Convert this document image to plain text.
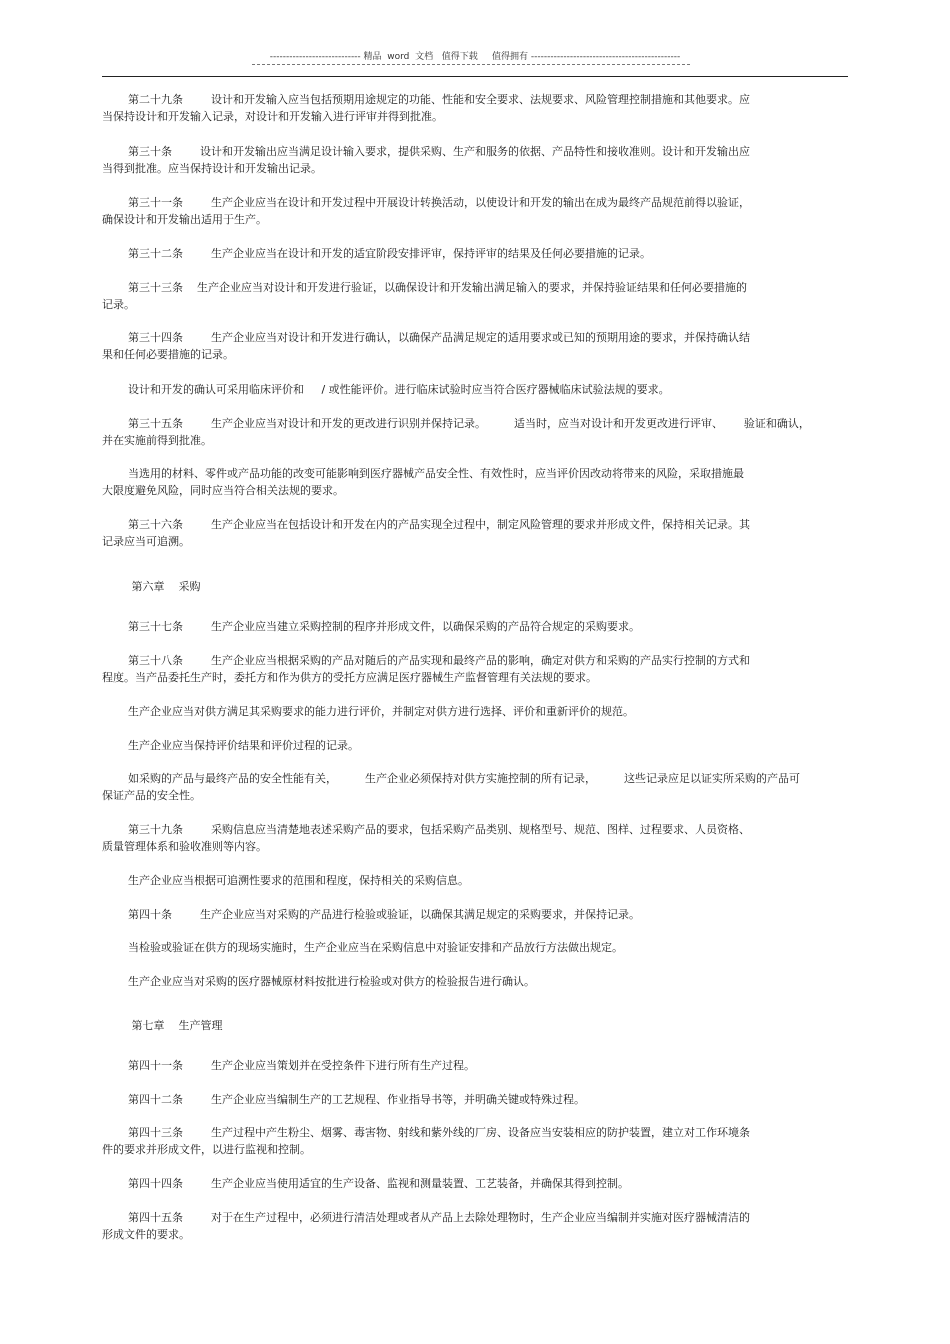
---------------------------- 精品  word  文档   值得下载     值得拥有 ----------------------------------------------
第二十九条        设计和开发输入应当包括预期用途规定的功能、性能和安全要求、法规要求、风险管理控制措施和其他要求。应
当保持设计和开发输入记录，对设计和开发输入进行评审并得到批准。
第三十条        设计和开发输出应当满足设计输入要求，提供采购、生产和服务的依据、产品特性和接收准则。设计和开发输出应
当得到批准。应当保持设计和开发输出记录。
第三十一条        生产企业应当在设计和开发过程中开展设计转换活动，以使设计和开发的输出在成为最终产品规范前得以验证，
确保设计和开发输出适用于生产。
第三十二条        生产企业应当在设计和开发的适宜阶段安排评审，保持评审的结果及任何必要措施的记录。
第三十三条    生产企业应当对设计和开发进行验证，以确保设计和开发输出满足输入的要求，并保持验证结果和任何必要措施的
记录。
第三十四条        生产企业应当对设计和开发进行确认，以确保产品满足规定的适用要求或已知的预期用途的要求，并保持确认结
果和任何必要措施的记录。
设计和开发的确认可采用临床评价和     / 或性能评价。进行临床试验时应当符合医疗器械临床试验法规的要求。
第三十五条        生产企业应当对设计和开发的更改进行识别并保持记录。        适当时，应当对设计和开发更改进行评审、      验证和确认，
并在实施前得到批准。
当选用的材料、零件或产品功能的改变可能影响到医疗器械产品安全性、有效性时，应当评价因改动将带来的风险，采取措施最
大限度避免风险，同时应当符合相关法规的要求。
第三十六条        生产企业应当在包括设计和开发在内的产品实现全过程中，制定风险管理的要求并形成文件，保持相关记录。其
记录应当可追溯。
第六章    采购
第三十七条        生产企业应当建立采购控制的程序并形成文件，以确保采购的产品符合规定的采购要求。
第三十八条        生产企业应当根据采购的产品对随后的产品实现和最终产品的影响，确定对供方和采购的产品实行控制的方式和
程度。当产品委托生产时，委托方和作为供方的受托方应满足医疗器械生产监督管理有关法规的要求。
生产企业应当对供方满足其采购要求的能力进行评价，并制定对供方进行选择、评价和重新评价的规范。
生产企业应当保持评价结果和评价过程的记录。
如采购的产品与最终产品的安全性能有关，        生产企业必须保持对供方实施控制的所有记录，        这些记录应足以证实所采购的产品可
保证产品的安全性。
第三十九条        采购信息应当清楚地表述采购产品的要求，包括采购产品类别、规格型号、规范、图样、过程要求、人员资格、
质量管理体系和验收准则等内容。
生产企业应当根据可追溯性要求的范围和程度，保持相关的采购信息。
第四十条        生产企业应当对采购的产品进行检验或验证，以确保其满足规定的采购要求，并保持记录。
当检验或验证在供方的现场实施时，生产企业应当在采购信息中对验证安排和产品放行方法做出规定。
生产企业应当对采购的医疗器械原材料按批进行检验或对供方的检验报告进行确认。
第七章    生产管理
第四十一条        生产企业应当策划并在受控条件下进行所有生产过程。
第四十二条        生产企业应当编制生产的工艺规程、作业指导书等，并明确关键或特殊过程。
第四十三条        生产过程中产生粉尘、烟雾、毒害物、射线和紫外线的厂房、设备应当安装相应的防护装置，建立对工作环境条
件的要求并形成文件，以进行监视和控制。
第四十四条        生产企业应当使用适宜的生产设备、监视和测量装置、工艺装备，并确保其得到控制。
第四十五条        对于在生产过程中，必须进行清洁处理或者从产品上去除处理物时，生产企业应当编制并实施对医疗器械清洁的
形成文件的要求。
